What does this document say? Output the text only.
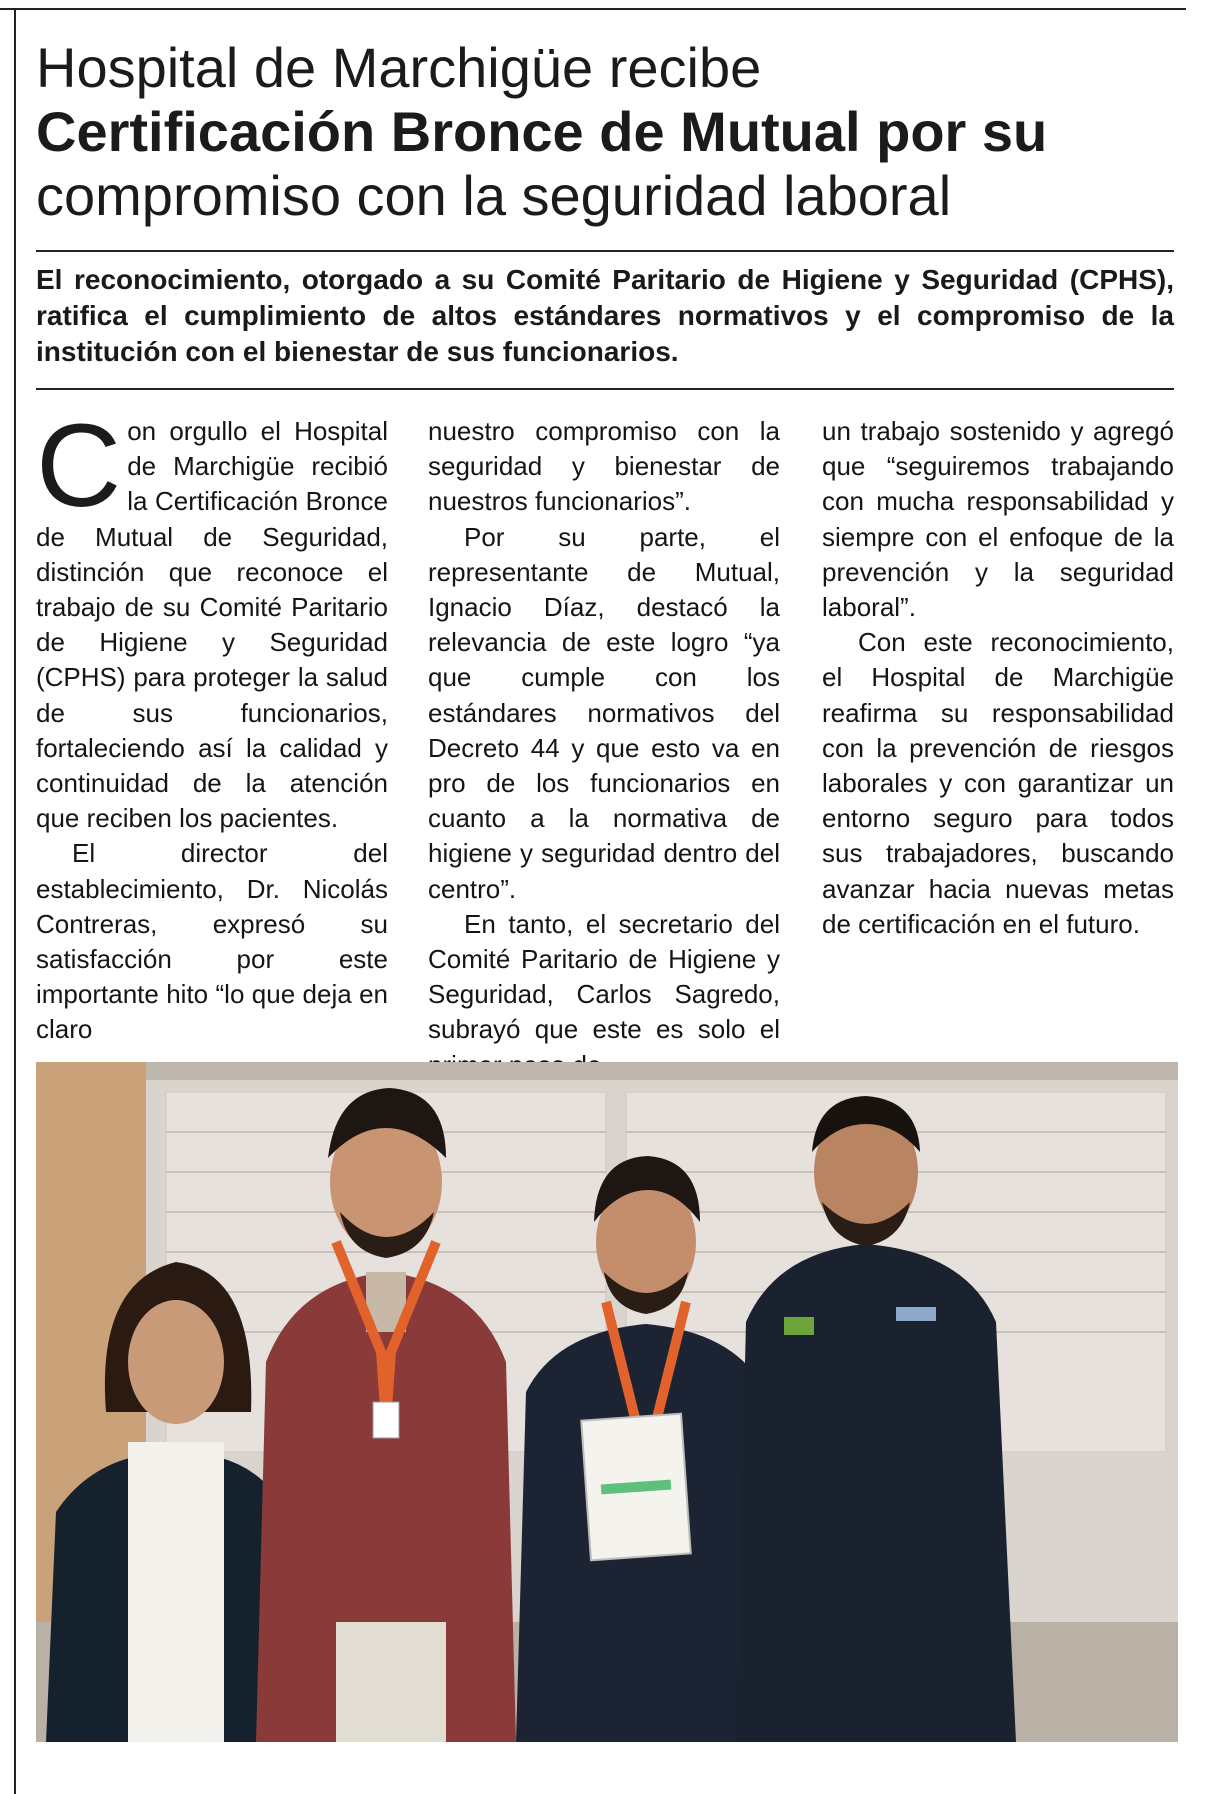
Hospital de Marchigüe recibe
Certificación Bronce de Mutual por su
compromiso con la seguridad laboral
El reconocimiento, otorgado a su Comité Paritario de Higiene y Seguridad (CPHS), ratifica el cumplimiento de altos estándares normativos y el compromiso de la institución con el bienestar de sus funcionarios.
C on orgullo el Hospital de Marchigüe recibió la Certificación Bronce de Mutual de Seguridad, distinción que reconoce el trabajo de su Comité Paritario de Higiene y Seguridad (CPHS) para proteger la salud de sus funcionarios, fortaleciendo así la calidad y continuidad de la atención que reciben los pacientes.

El director del establecimiento, Dr. Nicolás Contreras, expresó su satisfacción por este importante hito “lo que deja en claro

nuestro compromiso con la seguridad y bienestar de nuestros funcionarios”.

Por su parte, el representante de Mutual, Ignacio Díaz, destacó la relevancia de este logro “ya que cumple con los estándares normativos del Decreto 44 y que esto va en pro de los funcionarios en cuanto a la normativa de higiene y seguridad dentro del centro”.

En tanto, el secretario del Comité Paritario de Higiene y Seguridad, Carlos Sagredo, subrayó que este es solo el

un trabajo sostenido y agregó que “seguiremos trabajando con mucha responsabilidad y siempre con el enfoque de la prevención y la seguridad laboral”.

Con este reconocimiento, el Hospital de Marchigüe reafirma su responsabilidad con la prevención de riesgos laborales y con garantizar un entorno seguro para todos sus trabajadores, buscando avanzar hacia nuevas metas de certificación en el futuro.
